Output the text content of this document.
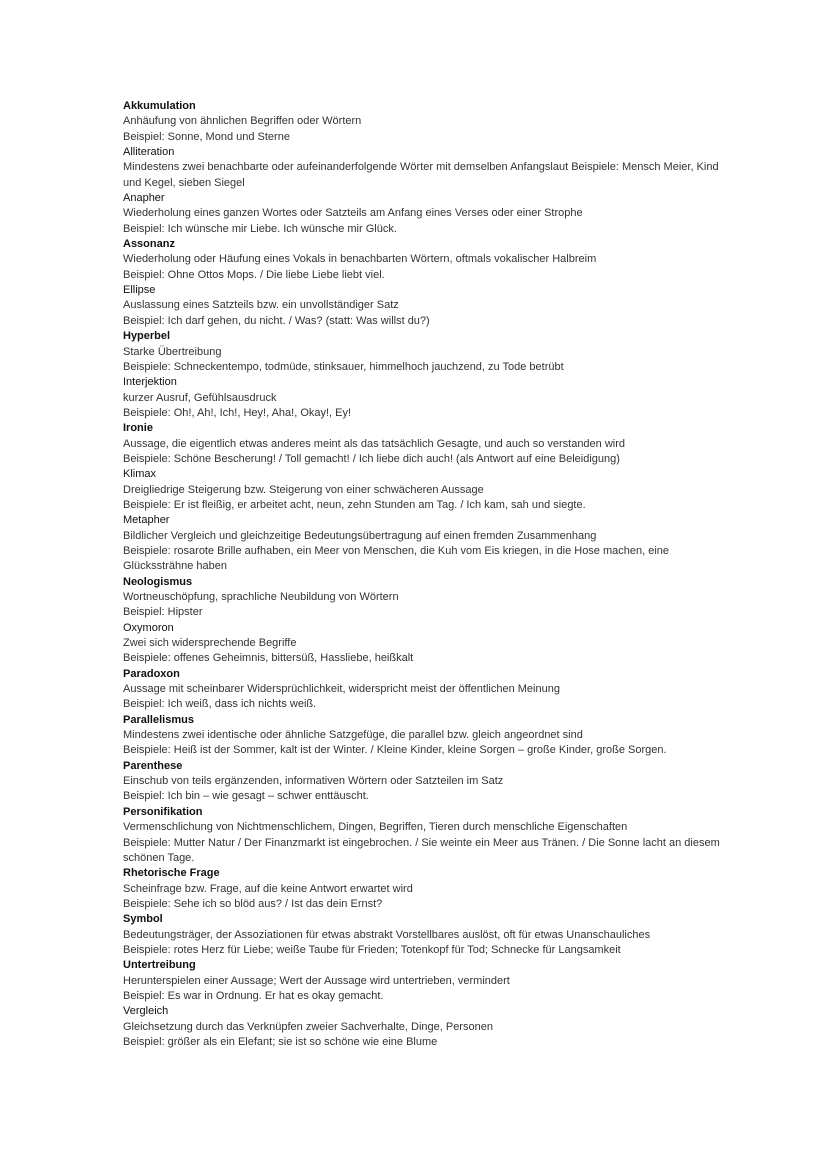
Akkumulation
Anhäufung von ähnlichen Begriffen oder Wörtern
Beispiel: Sonne, Mond und Sterne
Alliteration
Mindestens zwei benachbarte oder aufeinanderfolgende Wörter mit demselben Anfangslaut Beispiele: Mensch Meier, Kind und Kegel, sieben Siegel
Anapher
Wiederholung eines ganzen Wortes oder Satzteils am Anfang eines Verses oder einer Strophe
Beispiel: Ich wünsche mir Liebe. Ich wünsche mir Glück.
Assonanz
Wiederholung oder Häufung eines Vokals in benachbarten Wörtern, oftmals vokalischer Halbreim
Beispiel: Ohne Ottos Mops. / Die liebe Liebe liebt viel.
Ellipse
Auslassung eines Satzteils bzw. ein unvollständiger Satz
Beispiel: Ich darf gehen, du nicht. / Was? (statt: Was willst du?)
Hyperbel
Starke Übertreibung
Beispiele: Schneckentempo, todmüde, stinksauer, himmelhoch jauchzend, zu Tode betrübt
Interjektion
kurzer Ausruf, Gefühlsausdruck
Beispiele: Oh!, Ah!, Ich!, Hey!, Aha!, Okay!, Ey!
Ironie
Aussage, die eigentlich etwas anderes meint als das tatsächlich Gesagte, und auch so verstanden wird
Beispiele: Schöne Bescherung! / Toll gemacht! / Ich liebe dich auch! (als Antwort auf eine Beleidigung)
Klimax
Dreigliedrige Steigerung bzw. Steigerung von einer schwächeren Aussage
Beispiele: Er ist fleißig, er arbeitet acht, neun, zehn Stunden am Tag. / Ich kam, sah und siegte.
Metapher
Bildlicher Vergleich und gleichzeitige Bedeutungsübertragung auf einen fremden Zusammenhang
Beispiele: rosarote Brille aufhaben, ein Meer von Menschen, die Kuh vom Eis kriegen, in die Hose machen, eine Glückssträhne haben
Neologismus
Wortneuschöpfung, sprachliche Neubildung von Wörtern
Beispiel: Hipster
Oxymoron
Zwei sich widersprechende Begriffe
Beispiele: offenes Geheimnis, bittersüß, Hassliebe, heißkalt
Paradoxon
Aussage mit scheinbarer Widersprüchlichkeit, widerspricht meist der öffentlichen Meinung
Beispiel: Ich weiß, dass ich nichts weiß.
Parallelismus
Mindestens zwei identische oder ähnliche Satzgefüge, die parallel bzw. gleich angeordnet sind
Beispiele: Heiß ist der Sommer, kalt ist der Winter. / Kleine Kinder, kleine Sorgen – große Kinder, große Sorgen.
Parenthese
Einschub von teils ergänzenden, informativen Wörtern oder Satzteilen im Satz
Beispiel: Ich bin – wie gesagt – schwer enttäuscht.
Personifikation
Vermenschlichung von Nichtmenschlichem, Dingen, Begriffen, Tieren durch menschliche Eigenschaften
Beispiele: Mutter Natur / Der Finanzmarkt ist eingebrochen. / Sie weinte ein Meer aus Tränen. / Die Sonne lacht an diesem schönen Tage.
Rhetorische Frage
Scheinfrage bzw. Frage, auf die keine Antwort erwartet wird
Beispiele: Sehe ich so blöd aus? / Ist das dein Ernst?
Symbol
Bedeutungsträger, der Assoziationen für etwas abstrakt Vorstellbares auslöst, oft für etwas Unanschauliches
Beispiele: rotes Herz für Liebe; weiße Taube für Frieden; Totenkopf für Tod; Schnecke für Langsamkeit
Untertreibung
Herunterspielen einer Aussage; Wert der Aussage wird untertrieben, vermindert
Beispiel: Es war in Ordnung. Er hat es okay gemacht.
Vergleich
Gleichsetzung durch das Verknüpfen zweier Sachverhalte, Dinge, Personen
Beispiel: größer als ein Elefant; sie ist so schöne wie eine Blume
